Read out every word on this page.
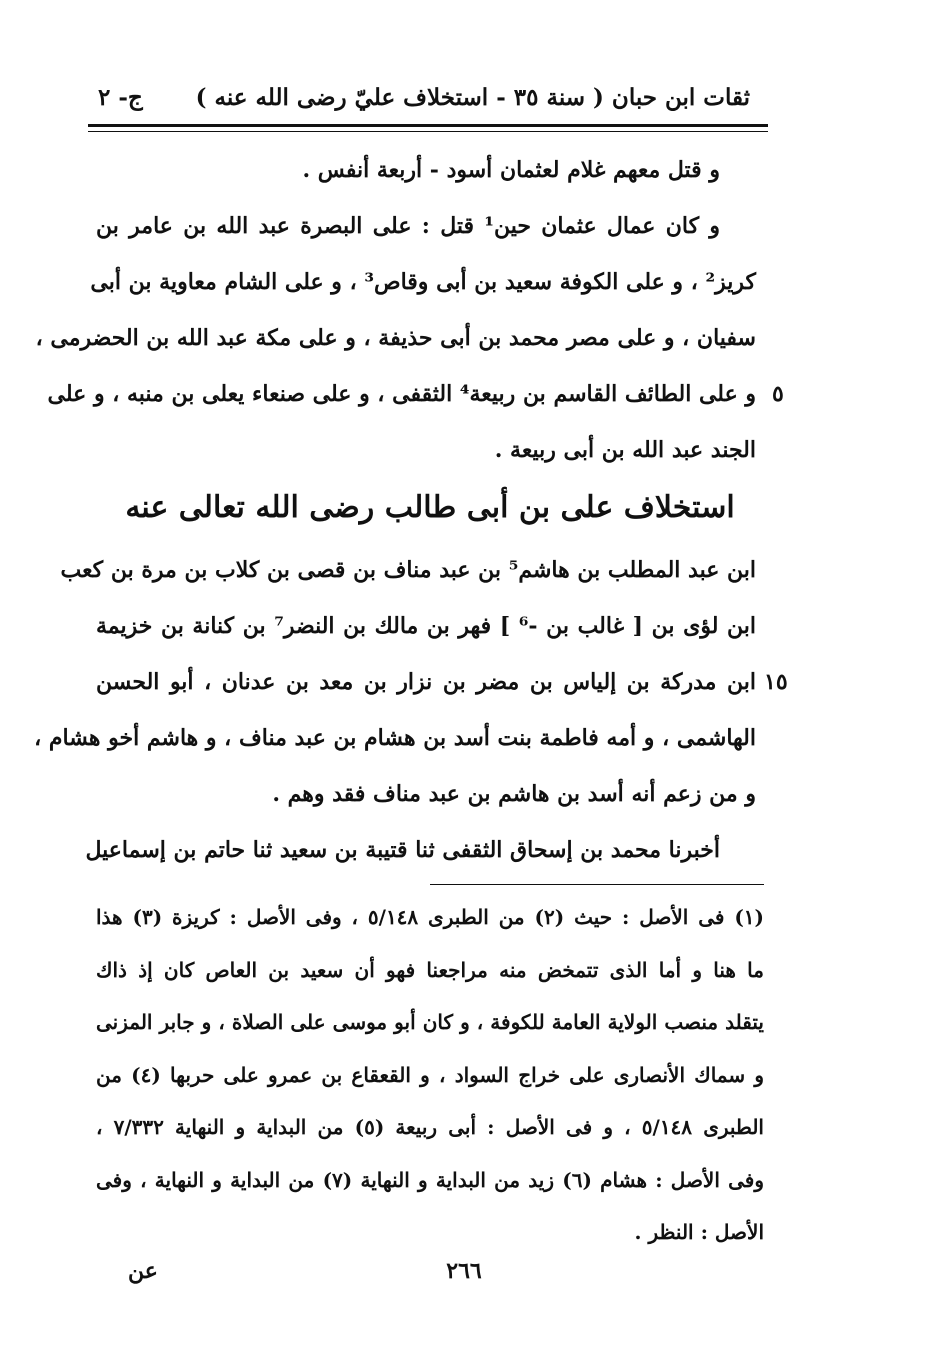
ثقات ابن حبان ( سنة ٣٥ - استخلاف عليّ رضى الله عنه )
ج- ٢
و قتل معهم غلام لعثمان أسود - أربعة أنفس .
و كان عمال عثمان حين¹ قتل : على البصرة عبد الله بن عامر بن
كريز² ، و على الكوفة سعيد بن أبى وقاص³ ، و على الشام معاوية بن أبى
سفيان ، و على مصر محمد بن أبى حذيفة ، و على مكة عبد الله بن الحضرمى ،
و على الطائف القاسم بن ربيعة⁴ الثقفى ، و على صنعاء يعلى بن منبه ، و على
الجند عبد الله بن أبى ربيعة .
٥
استخلاف على بن أبى طالب رضى الله تعالى عنه
ابن عبد المطلب بن هاشم⁵ بن عبد مناف بن قصى بن كلاب بن مرة بن كعب
ابن لؤى بن [ غالب بن -⁶ ] فهر بن مالك بن النضر⁷ بن كنانة بن خزيمة
ابن مدركة بن إلياس بن مضر بن نزار بن معد بن عدنان ، أبو الحسن
الهاشمى ، و أمه فاطمة بنت أسد بن هشام بن عبد مناف ، و هاشم أخو هشام ،
و من زعم أنه أسد بن هاشم بن عبد مناف فقد وهم .
أخبرنا محمد بن إسحاق الثقفى ثنا قتيبة بن سعيد ثنا حاتم بن إسماعيل
١٥
(١) فى الأصل : حيث (٢) من الطبرى ٥/١٤٨ ، وفى الأصل : كريزة (٣) هذا
ما هنا و أما الذى تتمخض منه مراجعنا فهو أن سعيد بن العاص كان إذ ذاك
يتقلد منصب الولاية العامة للكوفة ، و كان أبو موسى على الصلاة ، و جابر المزنى
و سماك الأنصارى على خراج السواد ، و القعقاع بن عمرو على حربها (٤) من
الطبرى ٥/١٤٨ ، و فى الأصل : أبى ربيعة (٥) من البداية و النهاية ٧/٣٣٢ ،
وفى الأصل : هشام (٦) زيد من البداية و النهاية (٧) من البداية و النهاية ، وفى
الأصل : النظر .
٢٦٦
عن
